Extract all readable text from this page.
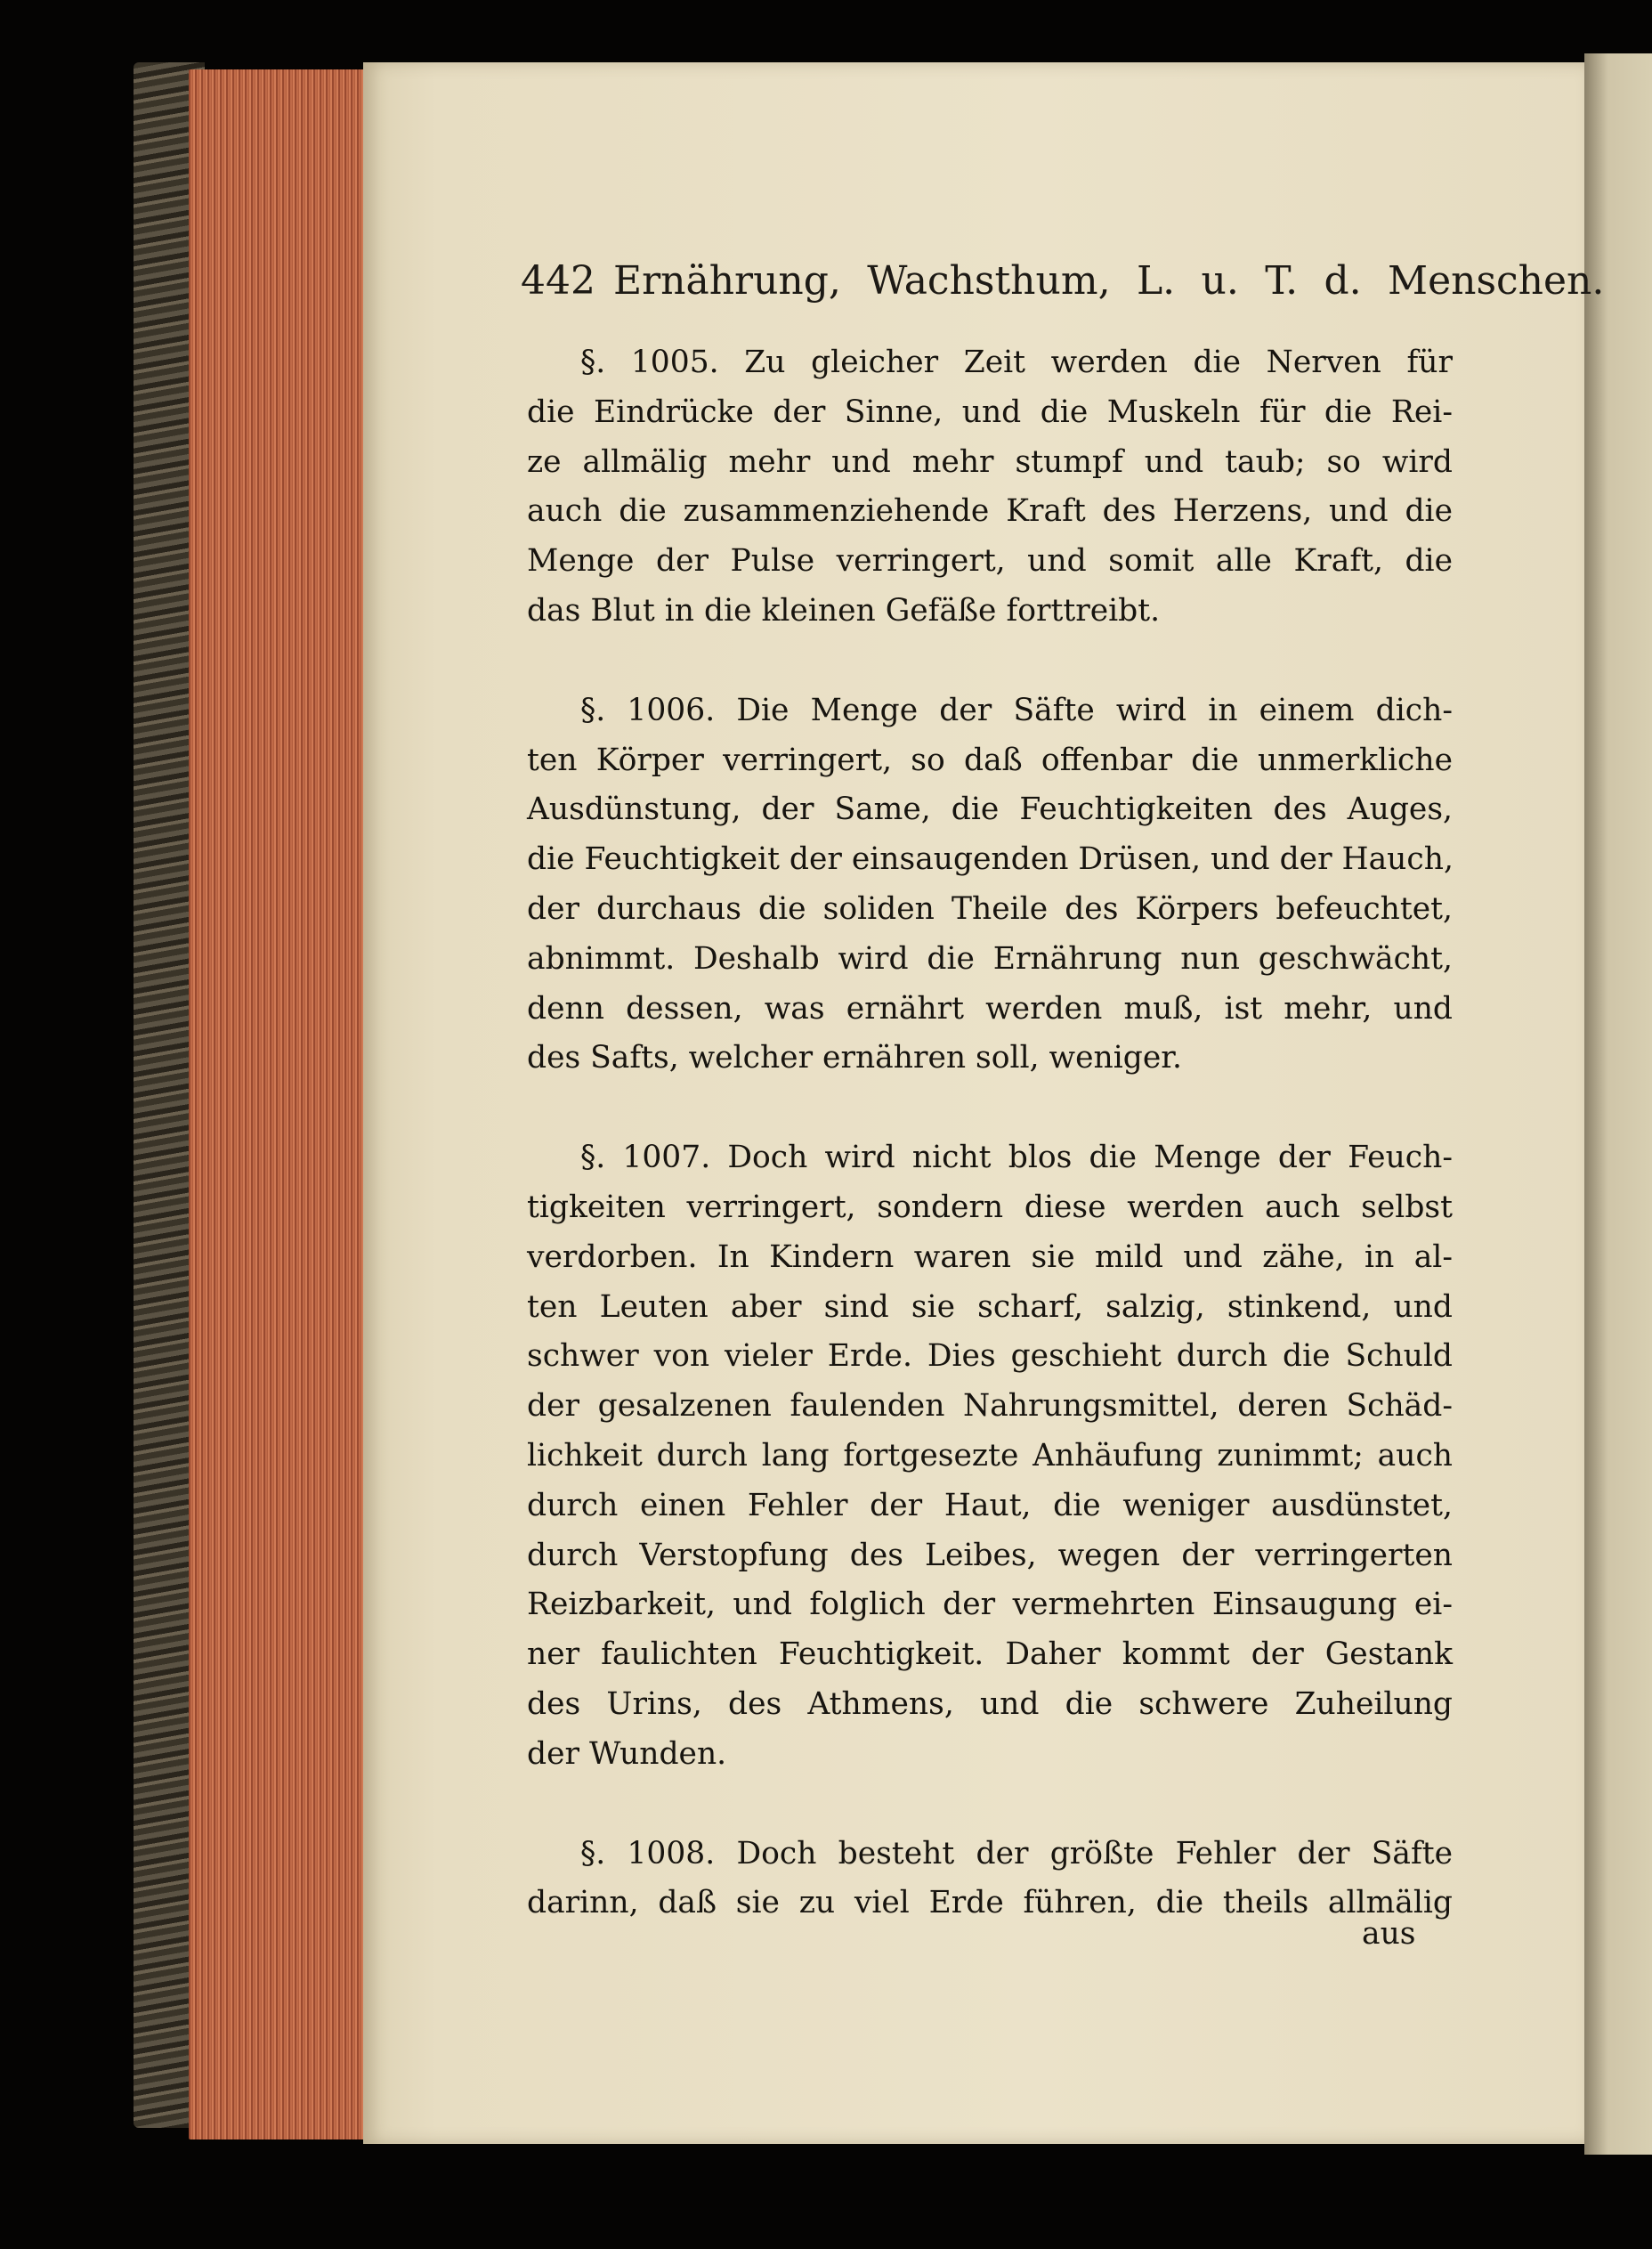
442 Ernährung, Wachsthum, L. u. T. d. Menschen.
§. 1005. Zu gleicher Zeit werden die Nerven für
die Eindrücke der Sinne, und die Muskeln für die Rei-
ze allmälig mehr und mehr stumpf und taub; so wird
auch die zusammenziehende Kraft des Herzens, und die
Menge der Pulse verringert, und somit alle Kraft, die
das Blut in die kleinen Gefäße forttreibt.
§. 1006. Die Menge der Säfte wird in einem dich-
ten Körper verringert, so daß offenbar die unmerkliche
Ausdünstung, der Same, die Feuchtigkeiten des Auges,
die Feuchtigkeit der einsaugenden Drüsen, und der Hauch,
der durchaus die soliden Theile des Körpers befeuchtet,
abnimmt. Deshalb wird die Ernährung nun geschwächt,
denn dessen, was ernährt werden muß, ist mehr, und
des Safts, welcher ernähren soll, weniger.
§. 1007. Doch wird nicht blos die Menge der Feuch-
tigkeiten verringert, sondern diese werden auch selbst
verdorben. In Kindern waren sie mild und zähe, in al-
ten Leuten aber sind sie scharf, salzig, stinkend, und
schwer von vieler Erde. Dies geschieht durch die Schuld
der gesalzenen faulenden Nahrungsmittel, deren Schäd-
lichkeit durch lang fortgesezte Anhäufung zunimmt; auch
durch einen Fehler der Haut, die weniger ausdünstet,
durch Verstopfung des Leibes, wegen der verringerten
Reizbarkeit, und folglich der vermehrten Einsaugung ei-
ner faulichten Feuchtigkeit. Daher kommt der Gestank
des Urins, des Athmens, und die schwere Zuheilung
der Wunden.
§. 1008. Doch besteht der größte Fehler der Säfte
darinn, daß sie zu viel Erde führen, die theils allmälig
aus
